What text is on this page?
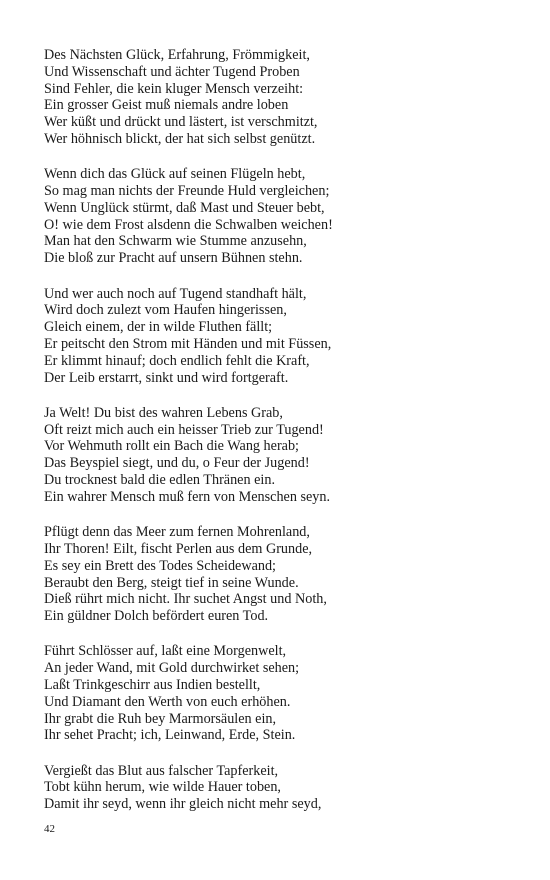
Des Nächsten Glück, Erfahrung, Frömmigkeit,
Und Wissenschaft und ächter Tugend Proben
Sind Fehler, die kein kluger Mensch verzeiht:
Ein grosser Geist muß niemals andre loben
Wer küßt und drückt und lästert, ist verschmitzt,
Wer höhnisch blickt, der hat sich selbst genützt.
Wenn dich das Glück auf seinen Flügeln hebt,
So mag man nichts der Freunde Huld vergleichen;
Wenn Unglück stürmt, daß Mast und Steuer bebt,
O! wie dem Frost alsdenn die Schwalben weichen!
Man hat den Schwarm wie Stumme anzusehn,
Die bloß zur Pracht auf unsern Bühnen stehn.
Und wer auch noch auf Tugend standhaft hält,
Wird doch zulezt vom Haufen hingerissen,
Gleich einem, der in wilde Fluthen fällt;
Er peitscht den Strom mit Händen und mit Füssen,
Er klimmt hinauf; doch endlich fehlt die Kraft,
Der Leib erstarrt, sinkt und wird fortgeraft.
Ja Welt! Du bist des wahren Lebens Grab,
Oft reizt mich auch ein heisser Trieb zur Tugend!
Vor Wehmuth rollt ein Bach die Wang herab;
Das Beyspiel siegt, und du, o Feur der Jugend!
Du trocknest bald die edlen Thränen ein.
Ein wahrer Mensch muß fern von Menschen seyn.
Pflügt denn das Meer zum fernen Mohrenland,
Ihr Thoren! Eilt, fischt Perlen aus dem Grunde,
Es sey ein Brett des Todes Scheidewand;
Beraubt den Berg, steigt tief in seine Wunde.
Dieß rührt mich nicht. Ihr suchet Angst und Noth,
Ein güldner Dolch befördert euren Tod.
Führt Schlösser auf, laßt eine Morgenwelt,
An jeder Wand, mit Gold durchwirket sehen;
Laßt Trinkgeschirr aus Indien bestellt,
Und Diamant den Werth von euch erhöhen.
Ihr grabt die Ruh bey Marmorsäulen ein,
Ihr sehet Pracht; ich, Leinwand, Erde, Stein.
Vergießt das Blut aus falscher Tapferkeit,
Tobt kühn herum, wie wilde Hauer toben,
Damit ihr seyd, wenn ihr gleich nicht mehr seyd,
42
